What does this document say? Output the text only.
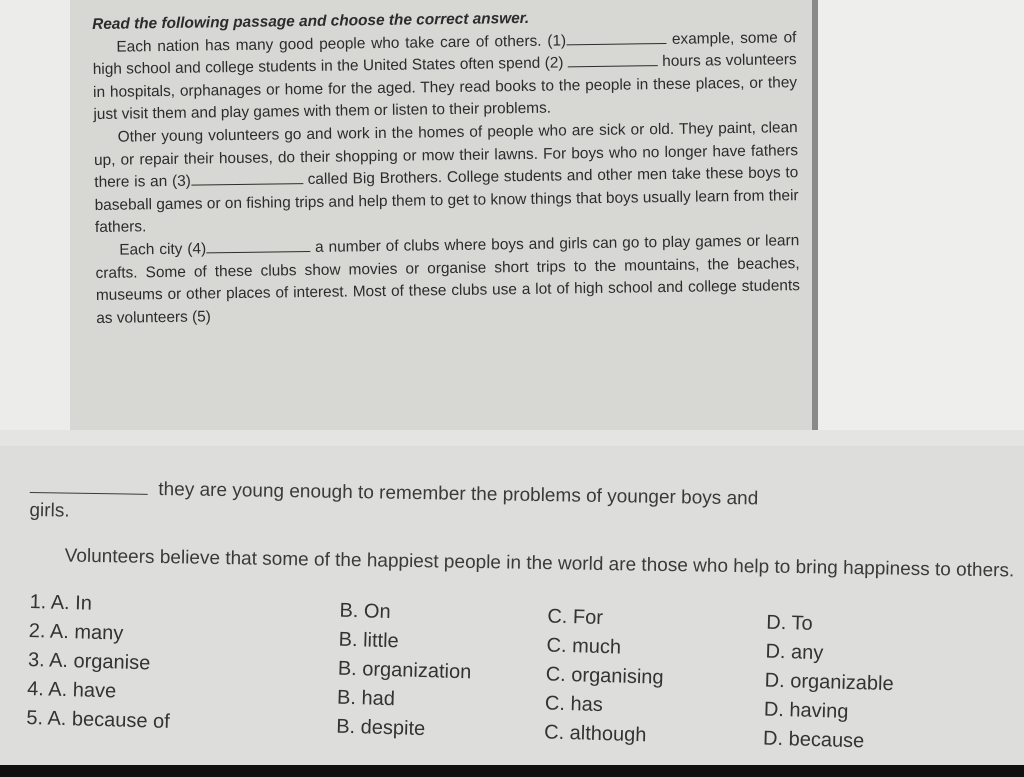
Read the following passage and choose the correct answer.

Each nation has many good people who take care of others. (1)	example, some of high school and college students in the United States often spend (2)	hours as volunteers in hospitals, orphanages or home for the aged. They read books to the people in these places, or they just visit them and play games with them or listen to their problems.

Other young volunteers go and work in the homes of people who are sick or old. They paint, clean up, or repair their houses, do their shopping or mow their lawns. For boys who no longer have fathers there is an (3)	called Big Brothers. College students and other men take these boys to baseball games or on fishing trips and help them to get to know things that boys usually learn from their fathers.

Each city (4)	a number of clubs where boys and girls can go to play games or learn crafts. Some of these clubs show movies or organise short trips to the mountains, the beaches, museums or other places of interest. Most of these clubs use a lot of high school and college students as volunteers (5)

they are young enough to remember the problems of younger boys and

girls.

Volunteers believe that some of the happiest people in the world are those who help to bring happiness to others.

1. A. In	B. On	C. For	D. To
2. A. many	B. little	C. much	D. any
3. A. organise	B. organization	C. organising	D. organizable
4. A. have	B. had	C. has	D. having
5. A. because of	B. despite	C. although	D. because
